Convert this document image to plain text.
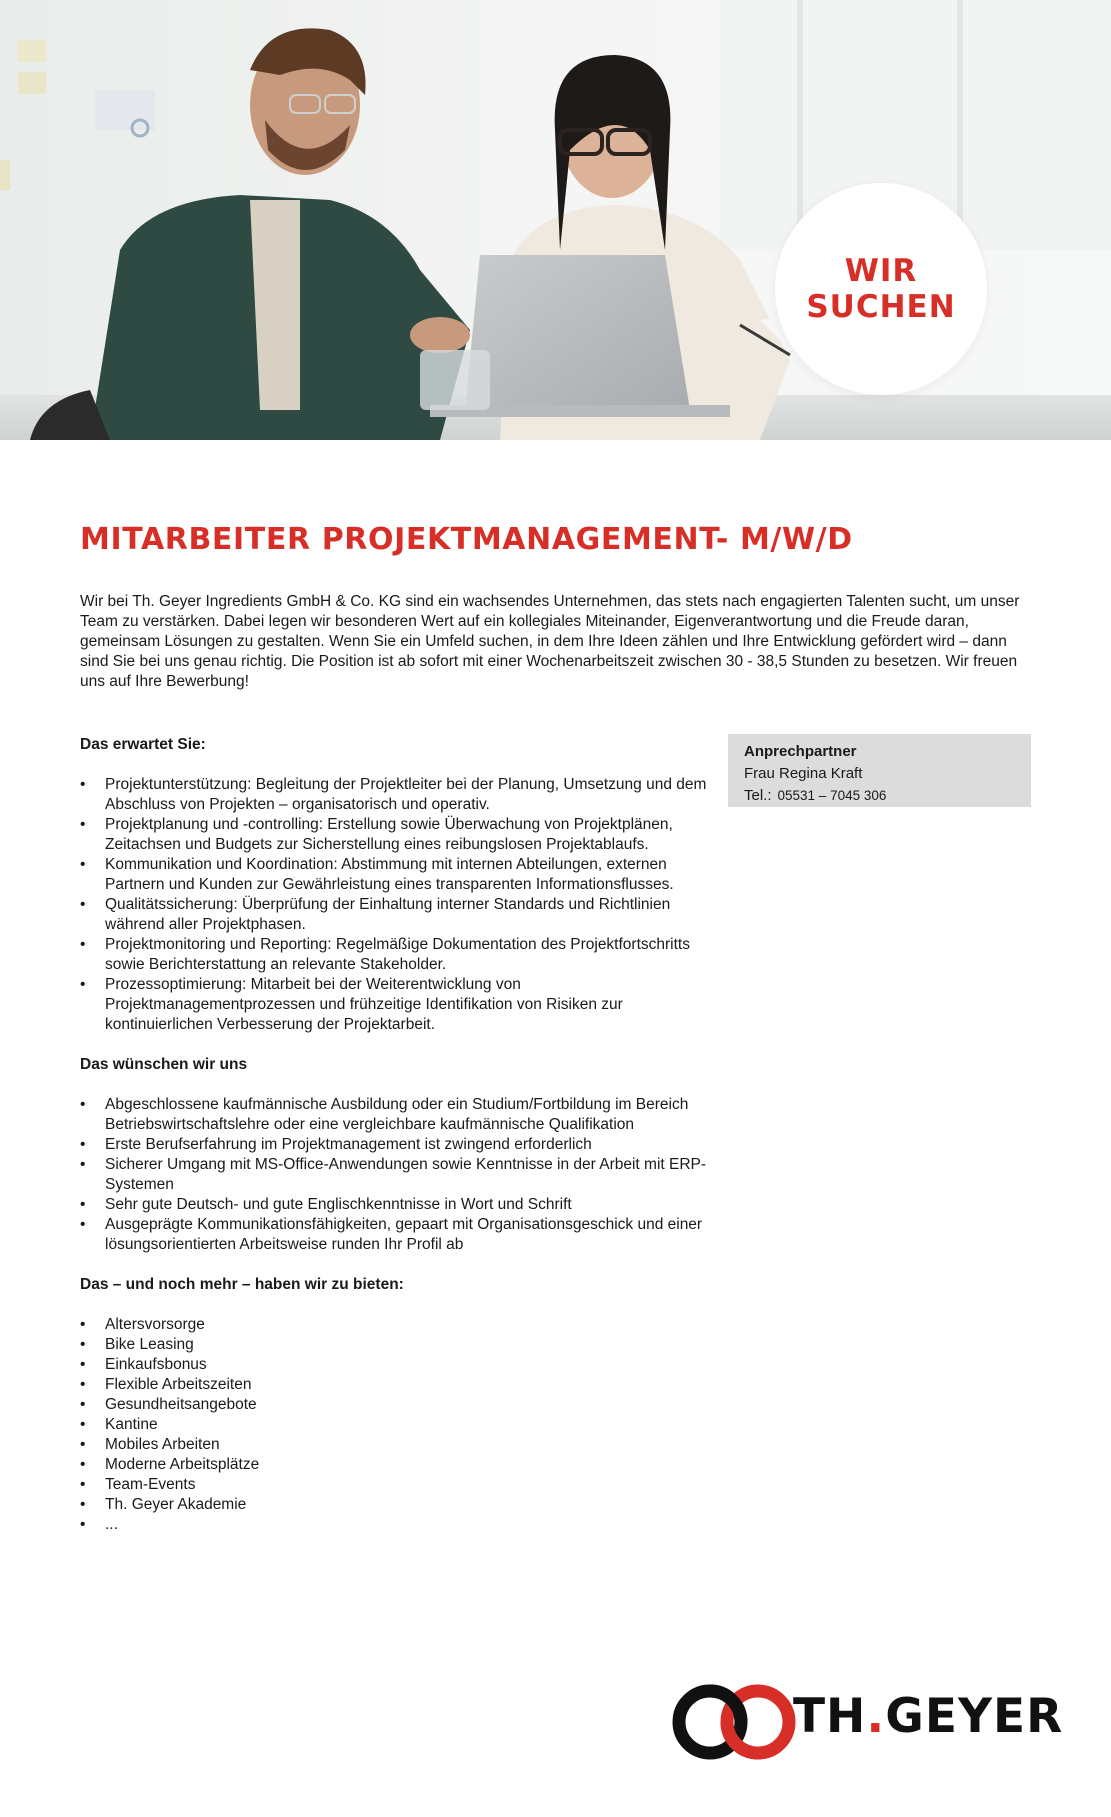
WIR
SUCHEN
MITARBEITER PROJEKTMANAGEMENT- M/W/D

Wir bei Th. Geyer Ingredients GmbH & Co. KG sind ein wachsendes Unternehmen, das stets nach engagierten Talenten sucht, um unser Team zu verstärken. Dabei legen wir besonderen Wert auf ein kollegiales Miteinander, Eigenverantwortung und die Freude daran, gemeinsam Lösungen zu gestalten. Wenn Sie ein Umfeld suchen, in dem Ihre Ideen zählen und Ihre Entwicklung gefördert wird – dann sind Sie bei uns genau richtig. Die Position ist ab sofort mit einer Wochenarbeitszeit zwischen 30 - 38,5 Stunden zu besetzen. Wir freuen uns auf Ihre Bewerbung!

Anprechpartner
Frau Regina Kraft
Tel.: 05531 – 7045 306
Das erwartet Sie:
• Projektunterstützung: Begleitung der Projektleiter bei der Planung, Umsetzung und dem Abschluss von Projekten – organisatorisch und operativ.
• Projektplanung und -controlling: Erstellung sowie Überwachung von Projektplänen, Zeitachsen und Budgets zur Sicherstellung eines reibungslosen Projektablaufs.
• Kommunikation und Koordination: Abstimmung mit internen Abteilungen, externen Partnern und Kunden zur Gewährleistung eines transparenten Informationsflusses.
• Qualitätssicherung: Überprüfung der Einhaltung interner Standards und Richtlinien während aller Projektphasen.
• Projektmonitoring und Reporting: Regelmäßige Dokumentation des Projektfortschritts sowie Berichterstattung an relevante Stakeholder.
• Prozessoptimierung: Mitarbeit bei der Weiterentwicklung von Projektmanagementprozessen und frühzeitige Identifikation von Risiken zur kontinuierlichen Verbesserung der Projektarbeit.
Das wünschen wir uns
• Abgeschlossene kaufmännische Ausbildung oder ein Studium/Fortbildung im Bereich Betriebswirtschaftslehre oder eine vergleichbare kaufmännische Qualifikation
• Erste Berufserfahrung im Projektmanagement ist zwingend erforderlich
• Sicherer Umgang mit MS-Office-Anwendungen sowie Kenntnisse in der Arbeit mit ERP-Systemen
• Sehr gute Deutsch- und gute Englischkenntnisse in Wort und Schrift
• Ausgeprägte Kommunikationsfähigkeiten, gepaart mit Organisationsgeschick und einer lösungsorientierten Arbeitsweise runden Ihr Profil ab
Das – und noch mehr – haben wir zu bieten:
• Altersvorsorge
• Bike Leasing
• Einkaufsbonus
• Flexible Arbeitszeiten
• Gesundheitsangebote
• Kantine
• Mobiles Arbeiten
• Moderne Arbeitsplätze
• Team-Events
• Th. Geyer Akademie
• ...
TH.GEYER
